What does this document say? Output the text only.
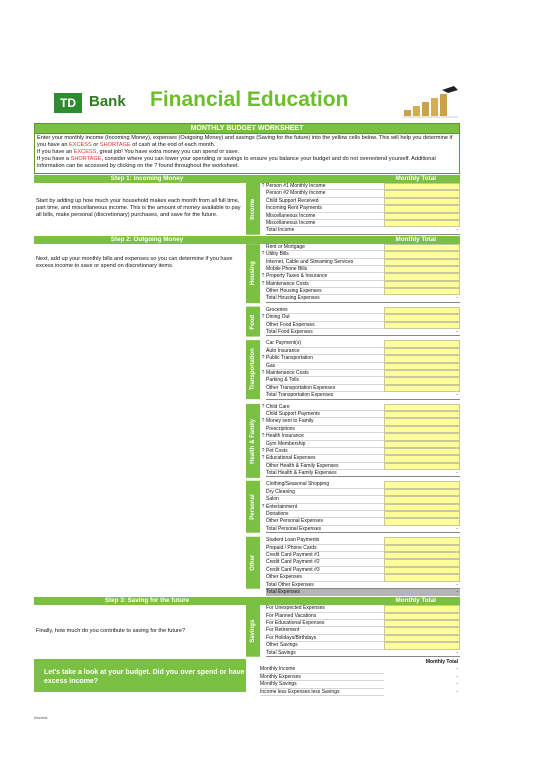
TD Bank Financial Education
MONTHLY BUDGET WORKSHEET
Enter your monthly income (Incoming Money), expenses (Outgoing Money) and savings (Saving for the future) into the yellow cells below. This will help you determine if you have an EXCESS or SHORTAGE of cash at the end of each month.
If you have an EXCESS, great job! You have extra money you can spend or save.
If you have a SHORTAGE, consider where you can lower your spending or savings to ensure you balance your budget and do not overextend yourself. Additional information can be accessed by clicking on the ? found throughout the worksheet.
Step 1: Incoming Money	Monthly Total
Start by adding up how much your household makes each month from all full time, part time, and miscellaneous income. This is the amount of money available to pay all bills, make personal (discretionary) purchases, and save for the future.	Income
? Person #1 Monthly Income
Person #2 Monthly Income
Child Support Received
Incoming Rent Payments
Miscellaneous Income
Miscellaneous Income
Total Income	-
Step 2: Outgoing Money	Monthly Total
Next, add up your monthly bills and expenses so you can determine if you have excess income to save or spend on discretionary items.	Housing
Rent or Mortgage
? Utility Bills
Internet, Cable and Streaming Services
Mobile Phone Bills
? Property Taxes & Insurance
? Maintenance Costs
Other Housing Expenses
Total Housing Expenses	-
Food
Groceries
? Dining Out
Other Food Expenses
Total Food Expenses	-
Transportation
Car Payment(s)
Auto Insurance
? Public Transportation
Gas
? Maintenance Costs
Parking & Tolls
Other Transportation Expenses
Total Transportation Expenses	-
Health & Family
? Child Care
Child Support Payments
? Money sent to Family
Prescriptions
? Health Insurance
Gym Membership
? Pet Costs
? Educational Expenses
Other Health & Family Expenses
Total Health & Family Expenses	-
Personal
Clothing/Seasonal Shopping
Dry Cleaning
Salon
? Entertainment
Donations
Other Personal Expenses
Total Personal Expenses	-
Other
Student Loan Payments
Prepaid / Phone Cards
Credit Card Payment #1
Credit Card Payment #2
Credit Card Payment #3
Other Expenses
Total Other Expenses	-
Total Expenses	-
Step 3: Saving for the future	Monthly Total
Finally, how much do you contribute to saving for the future?	Savings
For Unexpected Expenses
For Planned Vacations
For Educational Expenses
For Retirement
For Holidays/Birthdays
Other Savings
Total Savings	-
Let's take a look at your budget. Did you over spend or have excess income?
Monthly Total
Monthly Income	-
Monthly Expenses	-
Monthly Savings	-
Income less Expenses less Savings	-
Internal
